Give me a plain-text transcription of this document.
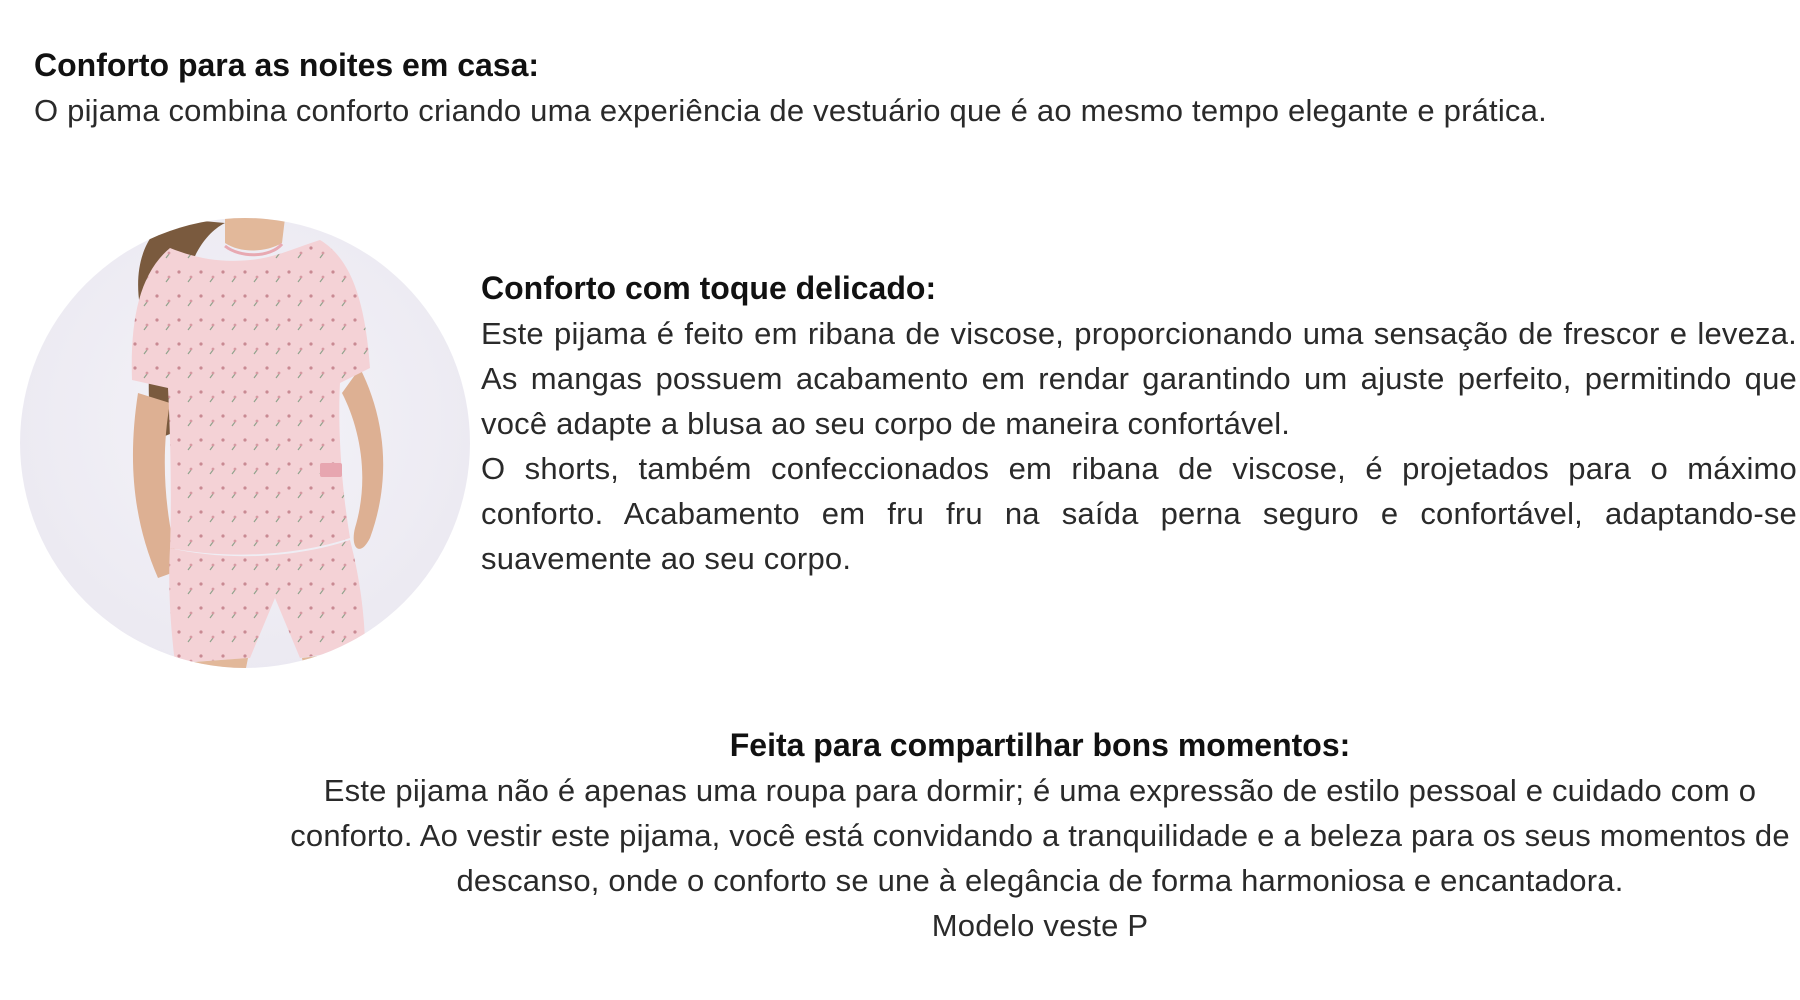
Conforto para as noites em casa:

O pijama combina conforto criando uma experiência de vestuário que é ao mesmo tempo elegante e prática.

Conforto com toque delicado:

Este pijama é feito em ribana de viscose, proporcionando uma sensação de frescor e leveza. As mangas possuem acabamento em rendar garantindo um ajuste perfeito, permitindo que você adapte a blusa ao seu corpo de maneira confortável.

O shorts, também confeccionados em ribana de viscose, é projetados para o máximo conforto. Acabamento em fru fru na saída perna seguro e confortável, adaptando-se suavemente ao seu corpo.

Feita para compartilhar bons momentos:

Este pijama não é apenas uma roupa para dormir; é uma expressão de estilo pessoal e cuidado com o conforto. Ao vestir este pijama, você está convidando a tranquilidade e a beleza para os seus momentos de descanso, onde o conforto se une à elegância de forma harmoniosa e encantadora.

Modelo veste P
